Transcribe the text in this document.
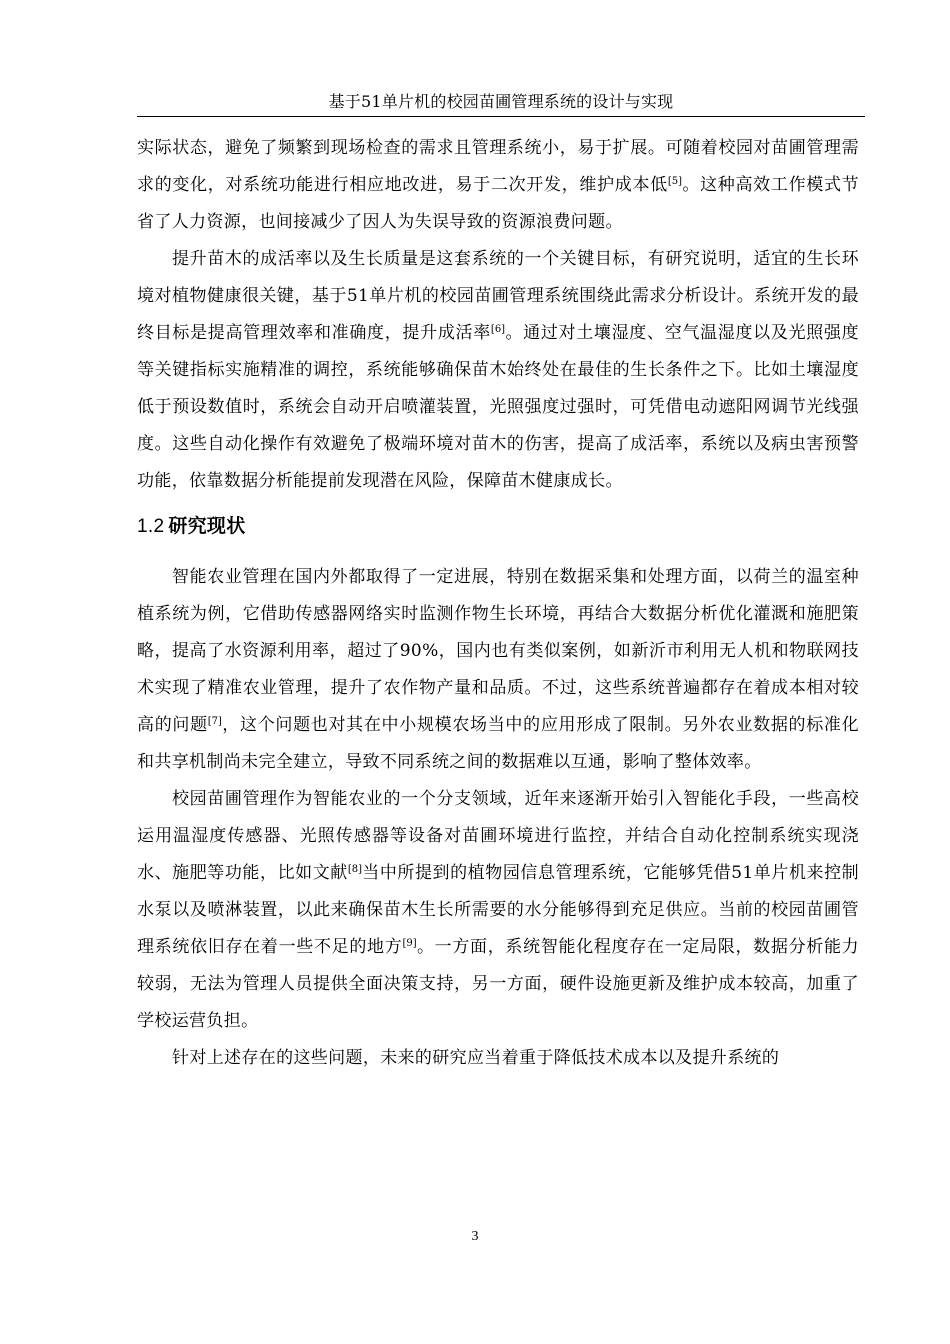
基于51单片机的校园苗圃管理系统的设计与实现

实际状态，避免了频繁到现场检查的需求且管理系统小，易于扩展。可随着校园对苗圃管理需求的变化，对系统功能进行相应地改进，易于二次开发，维护成本低[5]。这种高效工作模式节省了人力资源，也间接减少了因人为失误导致的资源浪费问题。

提升苗木的成活率以及生长质量是这套系统的一个关键目标，有研究说明，适宜的生长环境对植物健康很关键，基于51单片机的校园苗圃管理系统围绕此需求分析设计。系统开发的最终目标是提高管理效率和准确度，提升成活率[6]。通过对土壤湿度、空气温湿度以及光照强度等关键指标实施精准的调控，系统能够确保苗木始终处在最佳的生长条件之下。比如土壤湿度低于预设数值时，系统会自动开启喷灌装置，光照强度过强时，可凭借电动遮阳网调节光线强度。这些自动化操作有效避免了极端环境对苗木的伤害，提高了成活率，系统以及病虫害预警功能，依靠数据分析能提前发现潜在风险，保障苗木健康成长。

1.2 研究现状

智能农业管理在国内外都取得了一定进展，特别在数据采集和处理方面，以荷兰的温室种植系统为例，它借助传感器网络实时监测作物生长环境，再结合大数据分析优化灌溉和施肥策略，提高了水资源利用率，超过了90%，国内也有类似案例，如新沂市利用无人机和物联网技术实现了精准农业管理，提升了农作物产量和品质。不过，这些系统普遍都存在着成本相对较高的问题[7]，这个问题也对其在中小规模农场当中的应用形成了限制。另外农业数据的标准化和共享机制尚未完全建立，导致不同系统之间的数据难以互通，影响了整体效率。

校园苗圃管理作为智能农业的一个分支领域，近年来逐渐开始引入智能化手段，一些高校运用温湿度传感器、光照传感器等设备对苗圃环境进行监控，并结合自动化控制系统实现浇水、施肥等功能，比如文献[8]当中所提到的植物园信息管理系统，它能够凭借51单片机来控制水泵以及喷淋装置，以此来确保苗木生长所需要的水分能够得到充足供应。当前的校园苗圃管理系统依旧存在着一些不足的地方[9]。一方面，系统智能化程度存在一定局限，数据分析能力较弱，无法为管理人员提供全面决策支持，另一方面，硬件设施更新及维护成本较高，加重了学校运营负担。

针对上述存在的这些问题，未来的研究应当着重于降低技术成本以及提升系统的

3
